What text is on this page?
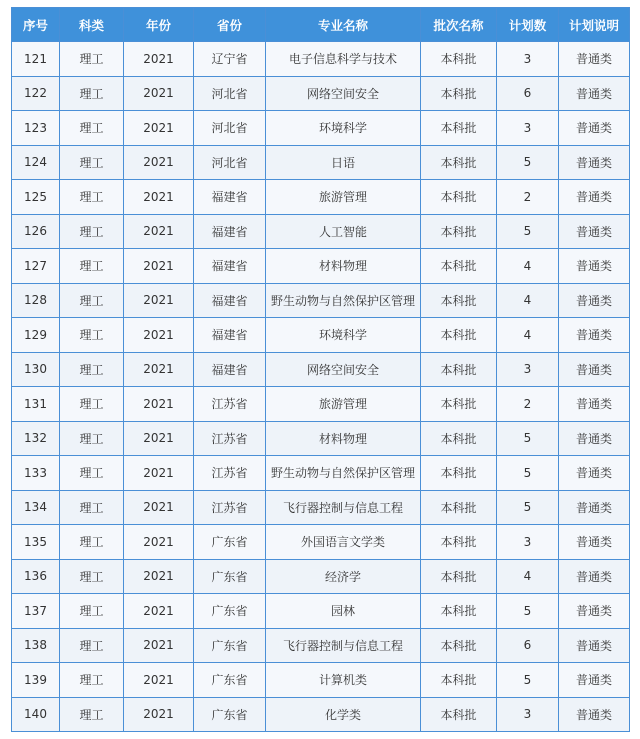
序号	科类	年份	省份	专业名称	批次名称	计划数	计划说明
121	理工	2021	辽宁省	电子信息科学与技术	本科批	3	普通类
122	理工	2021	河北省	网络空间安全	本科批	6	普通类
123	理工	2021	河北省	环境科学	本科批	3	普通类
124	理工	2021	河北省	日语	本科批	5	普通类
125	理工	2021	福建省	旅游管理	本科批	2	普通类
126	理工	2021	福建省	人工智能	本科批	5	普通类
127	理工	2021	福建省	材料物理	本科批	4	普通类
128	理工	2021	福建省	野生动物与自然保护区管理	本科批	4	普通类
129	理工	2021	福建省	环境科学	本科批	4	普通类
130	理工	2021	福建省	网络空间安全	本科批	3	普通类
131	理工	2021	江苏省	旅游管理	本科批	2	普通类
132	理工	2021	江苏省	材料物理	本科批	5	普通类
133	理工	2021	江苏省	野生动物与自然保护区管理	本科批	5	普通类
134	理工	2021	江苏省	飞行器控制与信息工程	本科批	5	普通类
135	理工	2021	广东省	外国语言文学类	本科批	3	普通类
136	理工	2021	广东省	经济学	本科批	4	普通类
137	理工	2021	广东省	园林	本科批	5	普通类
138	理工	2021	广东省	飞行器控制与信息工程	本科批	6	普通类
139	理工	2021	广东省	计算机类	本科批	5	普通类
140	理工	2021	广东省	化学类	本科批	3	普通类
